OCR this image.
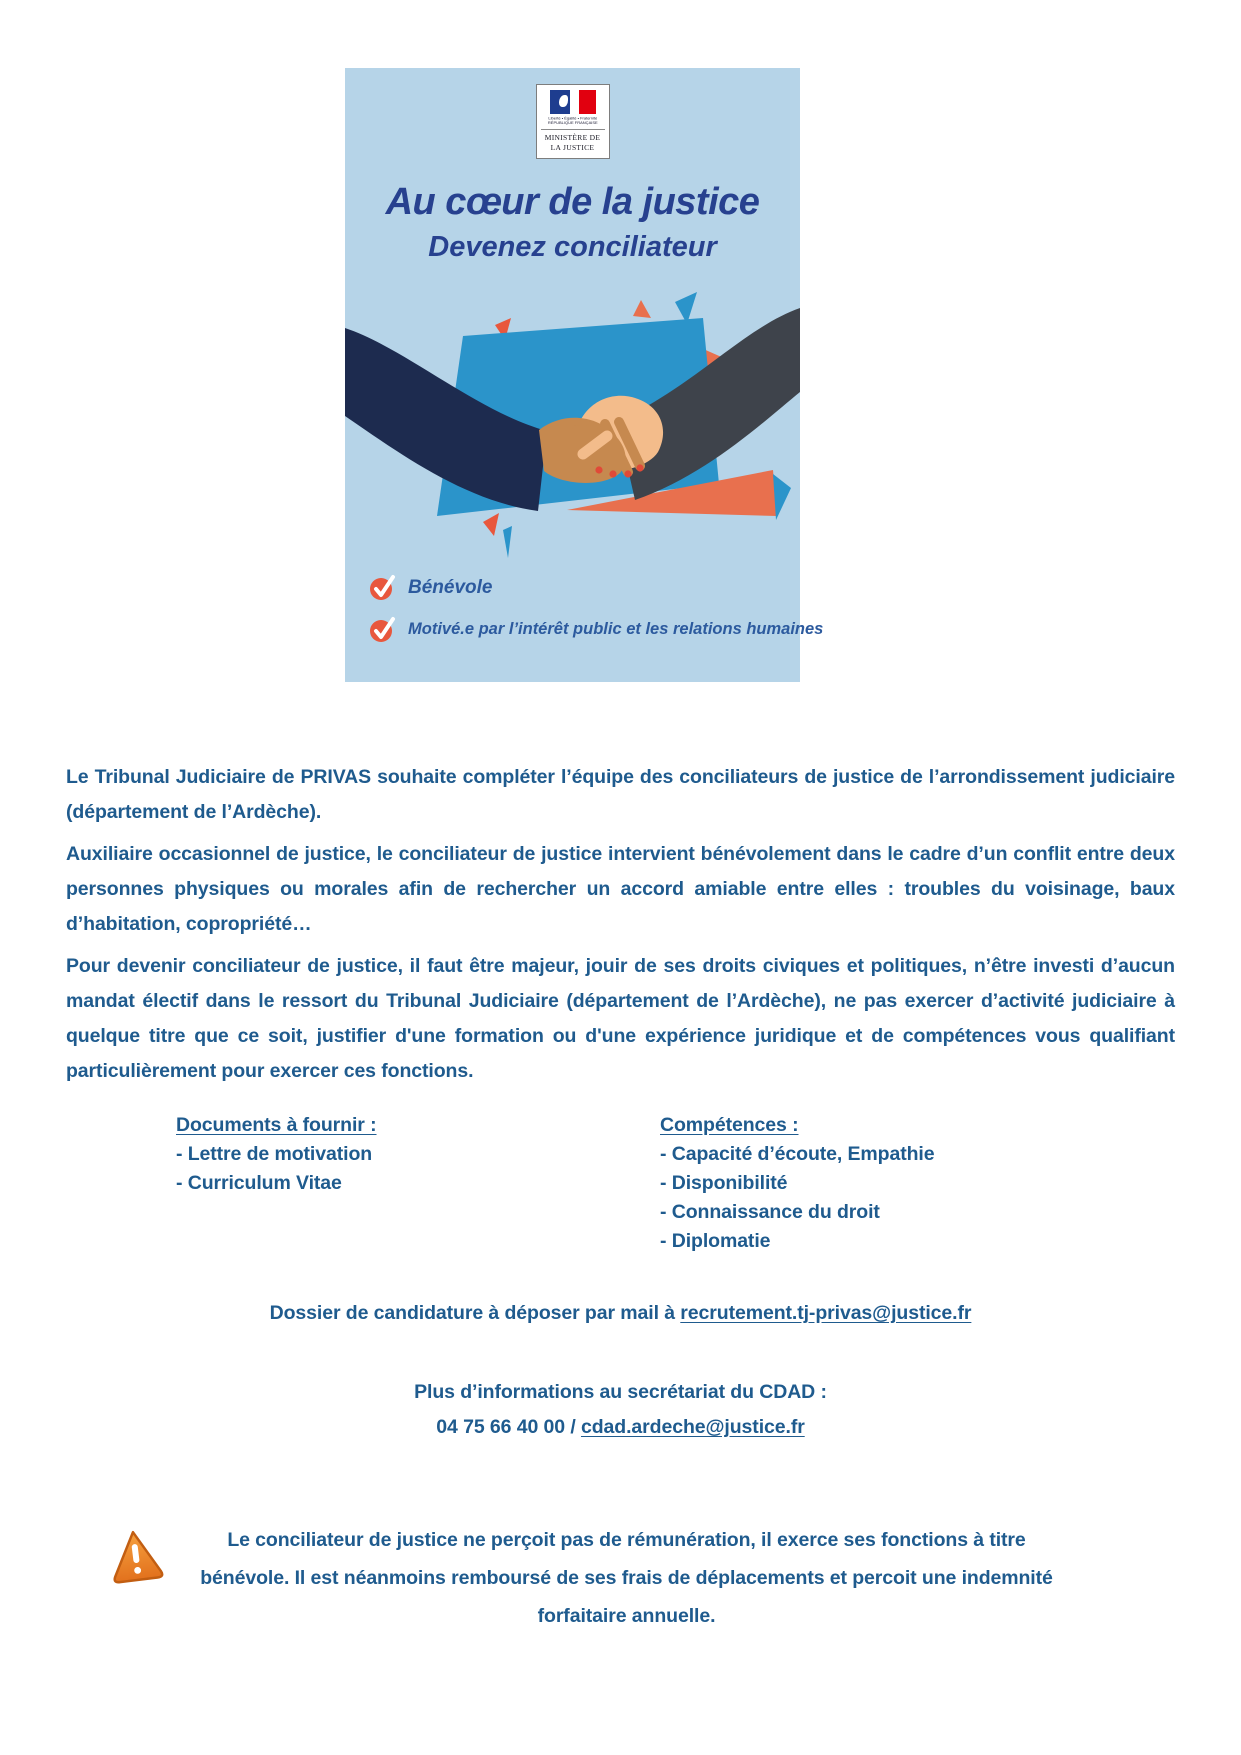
Liberté • Égalité • Fraternité
RÉPUBLIQUE FRANÇAISE
MINISTÈRE DE
LA JUSTICE
Au cœur de la justice
Devenez conciliateur
Bénévole
Motivé.e par l’intérêt public et les relations humaines

Le Tribunal Judiciaire de PRIVAS souhaite compléter l’équipe des conciliateurs de justice de l’arrondissement judiciaire (département de l’Ardèche).

Auxiliaire occasionnel de justice, le conciliateur de justice intervient bénévolement dans le cadre d’un conflit entre deux personnes physiques ou morales afin de rechercher un accord amiable entre elles : troubles du voisinage, baux d’habitation, copropriété…

Pour devenir conciliateur de justice, il faut être majeur, jouir de ses droits civiques et politiques, n’être investi d’aucun mandat électif dans le ressort du Tribunal Judiciaire (département de l’Ardèche), ne pas exercer d’activité judiciaire à quelque titre que ce soit, justifier d'une formation ou d'une expérience juridique et de compétences vous qualifiant particulièrement pour exercer ces fonctions.

Documents à fournir :
- Lettre de motivation
- Curriculum Vitae
Compétences :
- Capacité d’écoute, Empathie
- Disponibilité
- Connaissance du droit
- Diplomatie

Dossier de candidature à déposer par mail à recrutement.tj-privas@justice.fr

Plus d’informations au secrétariat du CDAD :

04 75 66 40 00 / cdad.ardeche@justice.fr

Le conciliateur de justice ne perçoit pas de rémunération, il exerce ses fonctions à titre bénévole. Il est néanmoins remboursé de ses frais de déplacements et percoit une indemnité forfaitaire annuelle.
